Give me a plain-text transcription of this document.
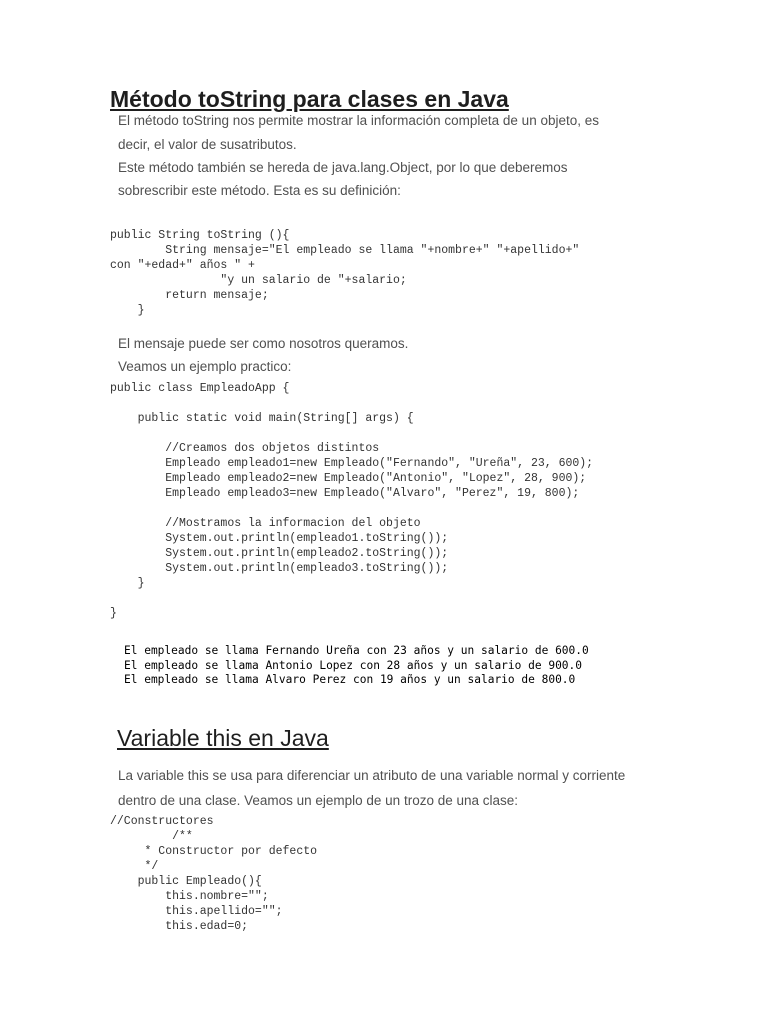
Método toString para clases en Java
El método toString nos permite mostrar la información completa de un objeto, es
decir, el valor de susatributos.
Este método también se hereda de java.lang.Object, por lo que deberemos
sobrescribir este método. Esta es su definición:
public String toString (){
String mensaje="El empleado se llama "+nombre+" "+apellido+"
con "+edad+" años " +
"y un salario de "+salario;
return mensaje;
}
El mensaje puede ser como nosotros queramos.
Veamos un ejemplo practico:
public class EmpleadoApp {

public static void main(String[] args) {

//Creamos dos objetos distintos
Empleado empleado1=new Empleado("Fernando", "Ureña", 23, 600);
Empleado empleado2=new Empleado("Antonio", "Lopez", 28, 900);
Empleado empleado3=new Empleado("Alvaro", "Perez", 19, 800);

//Mostramos la informacion del objeto
System.out.println(empleado1.toString());
System.out.println(empleado2.toString());
System.out.println(empleado3.toString());
}

}
El empleado se llama Fernando Ureña con 23 años y un salario de 600.0
El empleado se llama Antonio Lopez con 28 años y un salario de 900.0
El empleado se llama Alvaro Perez con 19 años y un salario de 800.0
Variable this en Java
La variable this se usa para diferenciar un atributo de una variable normal y corriente
dentro de una clase. Veamos un ejemplo de un trozo de una clase:
//Constructores
/**
* Constructor por defecto
*/
public Empleado(){
this.nombre="";
this.apellido="";
this.edad=0;
